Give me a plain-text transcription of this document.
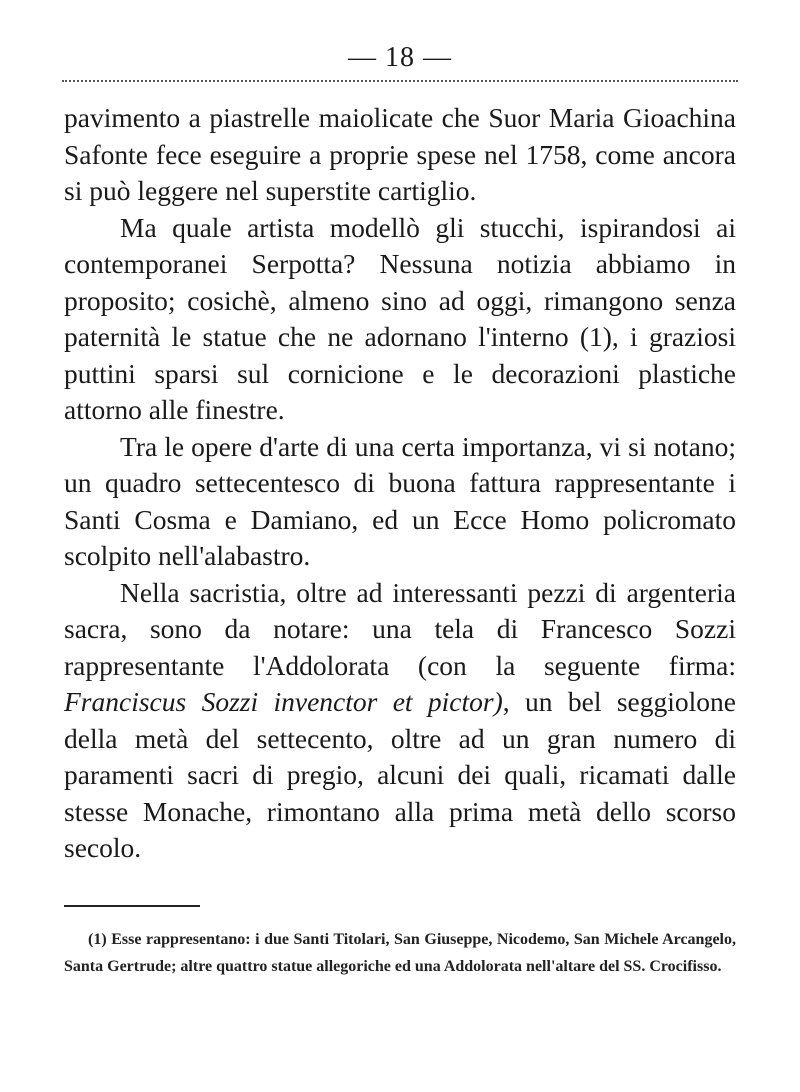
— 18 —

pavimento a piastrelle maiolicate che Suor Maria Gioachina Safonte fece eseguire a proprie spese nel 1758, come ancora si può leggere nel superstite cartiglio.

Ma quale artista modellò gli stucchi, ispirandosi ai contemporanei Serpotta? Nessuna notizia abbiamo in proposito; cosichè, almeno sino ad oggi, rimangono senza paternità le statue che ne adornano l'interno (1), i graziosi puttini sparsi sul cornicione e le decorazioni plastiche attorno alle finestre.

Tra le opere d'arte di una certa importanza, vi si notano; un quadro settecentesco di buona fattura rappresentante i Santi Cosma e Damiano, ed un Ecce Homo policromato scolpito nell'alabastro.

Nella sacristia, oltre ad interessanti pezzi di argenteria sacra, sono da notare: una tela di Francesco Sozzi rappresentante l'Addolorata (con la seguente firma: Franciscus Sozzi invenctor et pictor), un bel seggiolone della metà del settecento, oltre ad un gran numero di paramenti sacri di pregio, alcuni dei quali, ricamati dalle stesse Monache, rimontano alla prima metà dello scorso secolo.

(1) Esse rappresentano: i due Santi Titolari, San Giuseppe, Nicodemo, San Michele Arcangelo, Santa Gertrude; altre quattro statue allegoriche ed una Addolorata nell'altare del SS. Crocifisso.
